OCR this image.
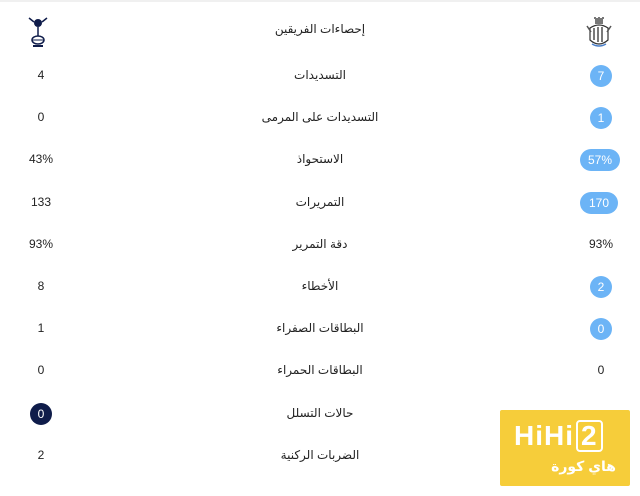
إحصاءات الفريقين
4	التسديدات	7
0	التسديدات على المرمى	1
43%	الاستحواذ	57%
133	التمريرات	170
93%	دقة التمرير	93%
8	الأخطاء	2
1	البطاقات الصفراء	0
0	البطاقات الحمراء	0
0	حالات التسلل
2	الضربات الركنية
HiHi 2
هاي كورة
